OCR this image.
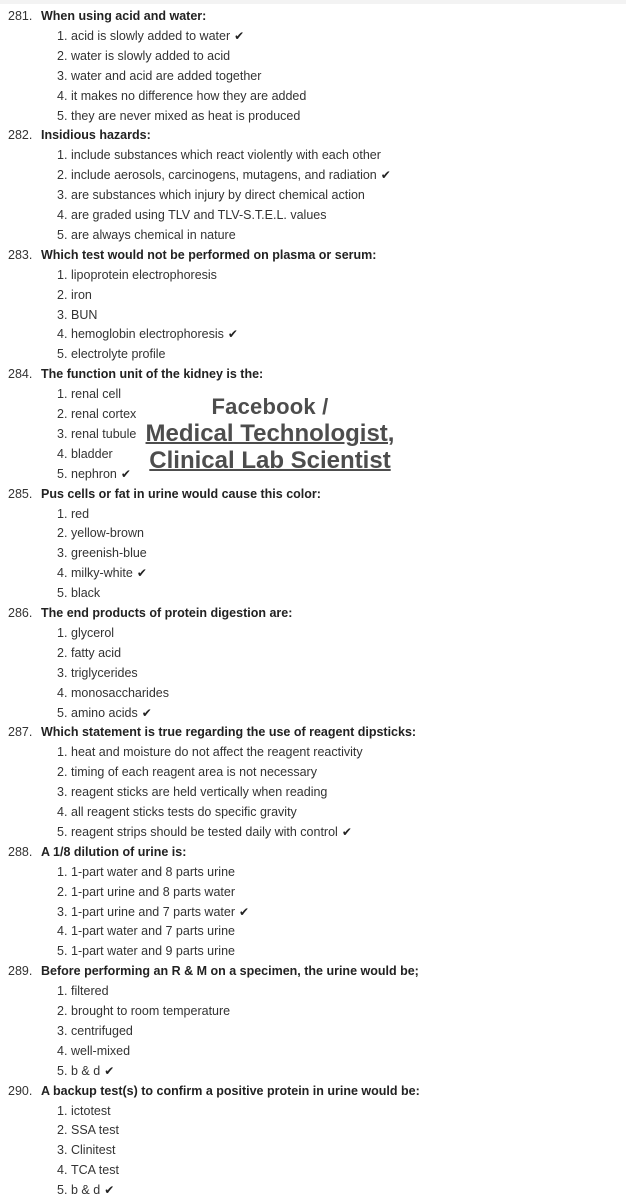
281. When using acid and water:
1. acid is slowly added to water ✔
2. water is slowly added to acid
3. water and acid are added together
4. it makes no difference how they are added
5. they are never mixed as heat is produced
282. Insidious hazards:
1. include substances which react violently with each other
2. include aerosols, carcinogens, mutagens, and radiation ✔
3. are substances which injury by direct chemical action
4. are graded using TLV and TLV-S.T.E.L. values
5. are always chemical in nature
283. Which test would not be performed on plasma or serum:
1. lipoprotein electrophoresis
2. iron
3. BUN
4. hemoglobin electrophoresis ✔
5. electrolyte profile
284. The function unit of the kidney is the:
1. renal cell
2. renal cortex
3. renal tubule
4. bladder
5. nephron ✔
285. Pus cells or fat in urine would cause this color:
1. red
2. yellow-brown
3. greenish-blue
4. milky-white ✔
5. black
286. The end products of protein digestion are:
1. glycerol
2. fatty acid
3. triglycerides
4. monosaccharides
5. amino acids ✔
287. Which statement is true regarding the use of reagent dipsticks:
1. heat and moisture do not affect the reagent reactivity
2. timing of each reagent area is not necessary
3. reagent sticks are held vertically when reading
4. all reagent sticks tests do specific gravity
5. reagent strips should be tested daily with control ✔
288. A 1/8 dilution of urine is:
1. 1-part water and 8 parts urine
2. 1-part urine and 8 parts water
3. 1-part urine and 7 parts water ✔
4. 1-part water and 7 parts urine
5. 1-part water and 9 parts urine
289. Before performing an R & M on a specimen, the urine would be;
1. filtered
2. brought to room temperature
3. centrifuged
4. well-mixed
5. b & d ✔
290. A backup test(s) to confirm a positive protein in urine would be:
1. ictotest
2. SSA test
3. Clinitest
4. TCA test
5. b & d ✔
Facebook /
Medical Technologist,
Clinical Lab Scientist
